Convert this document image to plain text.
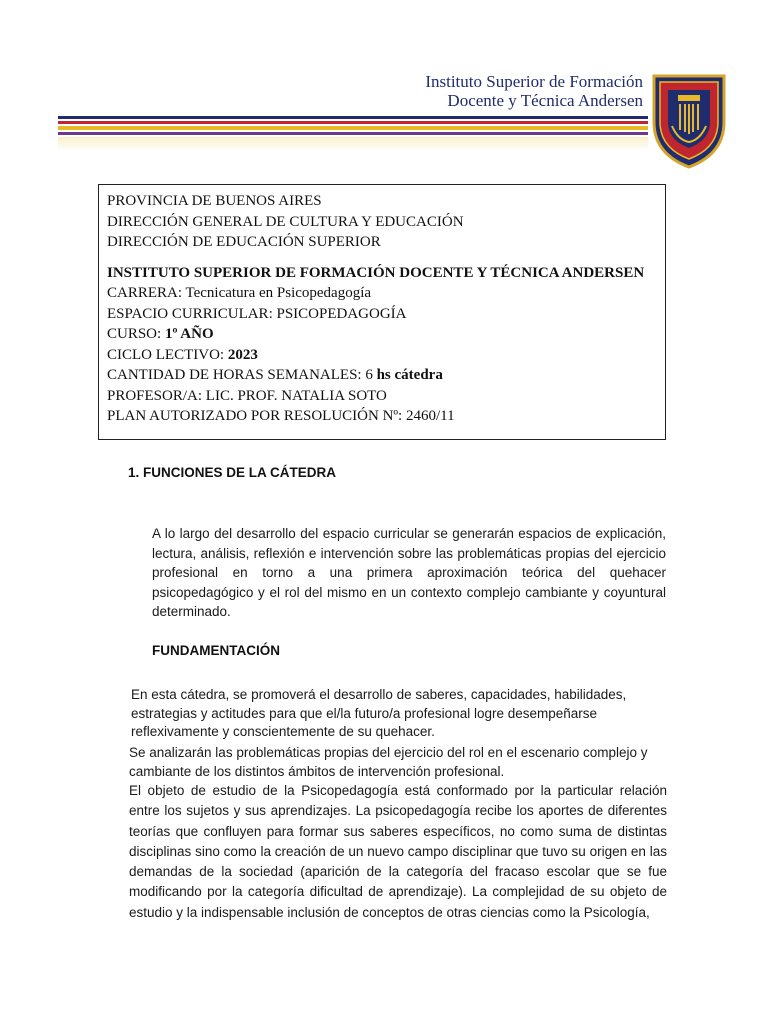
Instituto Superior de Formación
Docente y Técnica Andersen
PROVINCIA DE BUENOS AIRES
DIRECCIÓN GENERAL DE CULTURA Y EDUCACIÓN
DIRECCIÓN DE EDUCACIÓN SUPERIOR
INSTITUTO SUPERIOR DE FORMACIÓN DOCENTE Y TÉCNICA ANDERSEN
CARRERA: Tecnicatura en Psicopedagogía
ESPACIO CURRICULAR: PSICOPEDAGOGÍA
CURSO: 1º AÑO
CICLO LECTIVO: 2023
CANTIDAD DE HORAS SEMANALES: 6 hs cátedra
PROFESOR/A: LIC. PROF. NATALIA SOTO
PLAN AUTORIZADO POR RESOLUCIÓN Nº: 2460/11
1. FUNCIONES DE LA CÁTEDRA
A lo largo del desarrollo del espacio curricular se generarán espacios de explicación, lectura, análisis, reflexión e intervención sobre las problemáticas propias del ejercicio profesional en torno a una primera aproximación teórica del quehacer psicopedagógico y el rol del mismo en un contexto complejo cambiante y coyuntural determinado.
FUNDAMENTACIÓN
En esta cátedra, se promoverá el desarrollo de saberes, capacidades, habilidades, estrategias y actitudes para que el/la futuro/a profesional logre desempeñarse reflexivamente y conscientemente de su quehacer.
Se analizarán las problemáticas propias del ejercicio del rol en el escenario complejo y cambiante de los distintos ámbitos de intervención profesional.
El objeto de estudio de la Psicopedagogía está conformado por la particular relación entre los sujetos y sus aprendizajes. La psicopedagogía recibe los aportes de diferentes teorías que confluyen para formar sus saberes específicos, no como suma de distintas disciplinas sino como la creación de un nuevo campo disciplinar que tuvo su origen en las demandas de la sociedad (aparición de la categoría del fracaso escolar que se fue modificando por la categoría dificultad de aprendizaje). La complejidad de su objeto de estudio y la indispensable inclusión de conceptos de otras ciencias como la Psicología,
